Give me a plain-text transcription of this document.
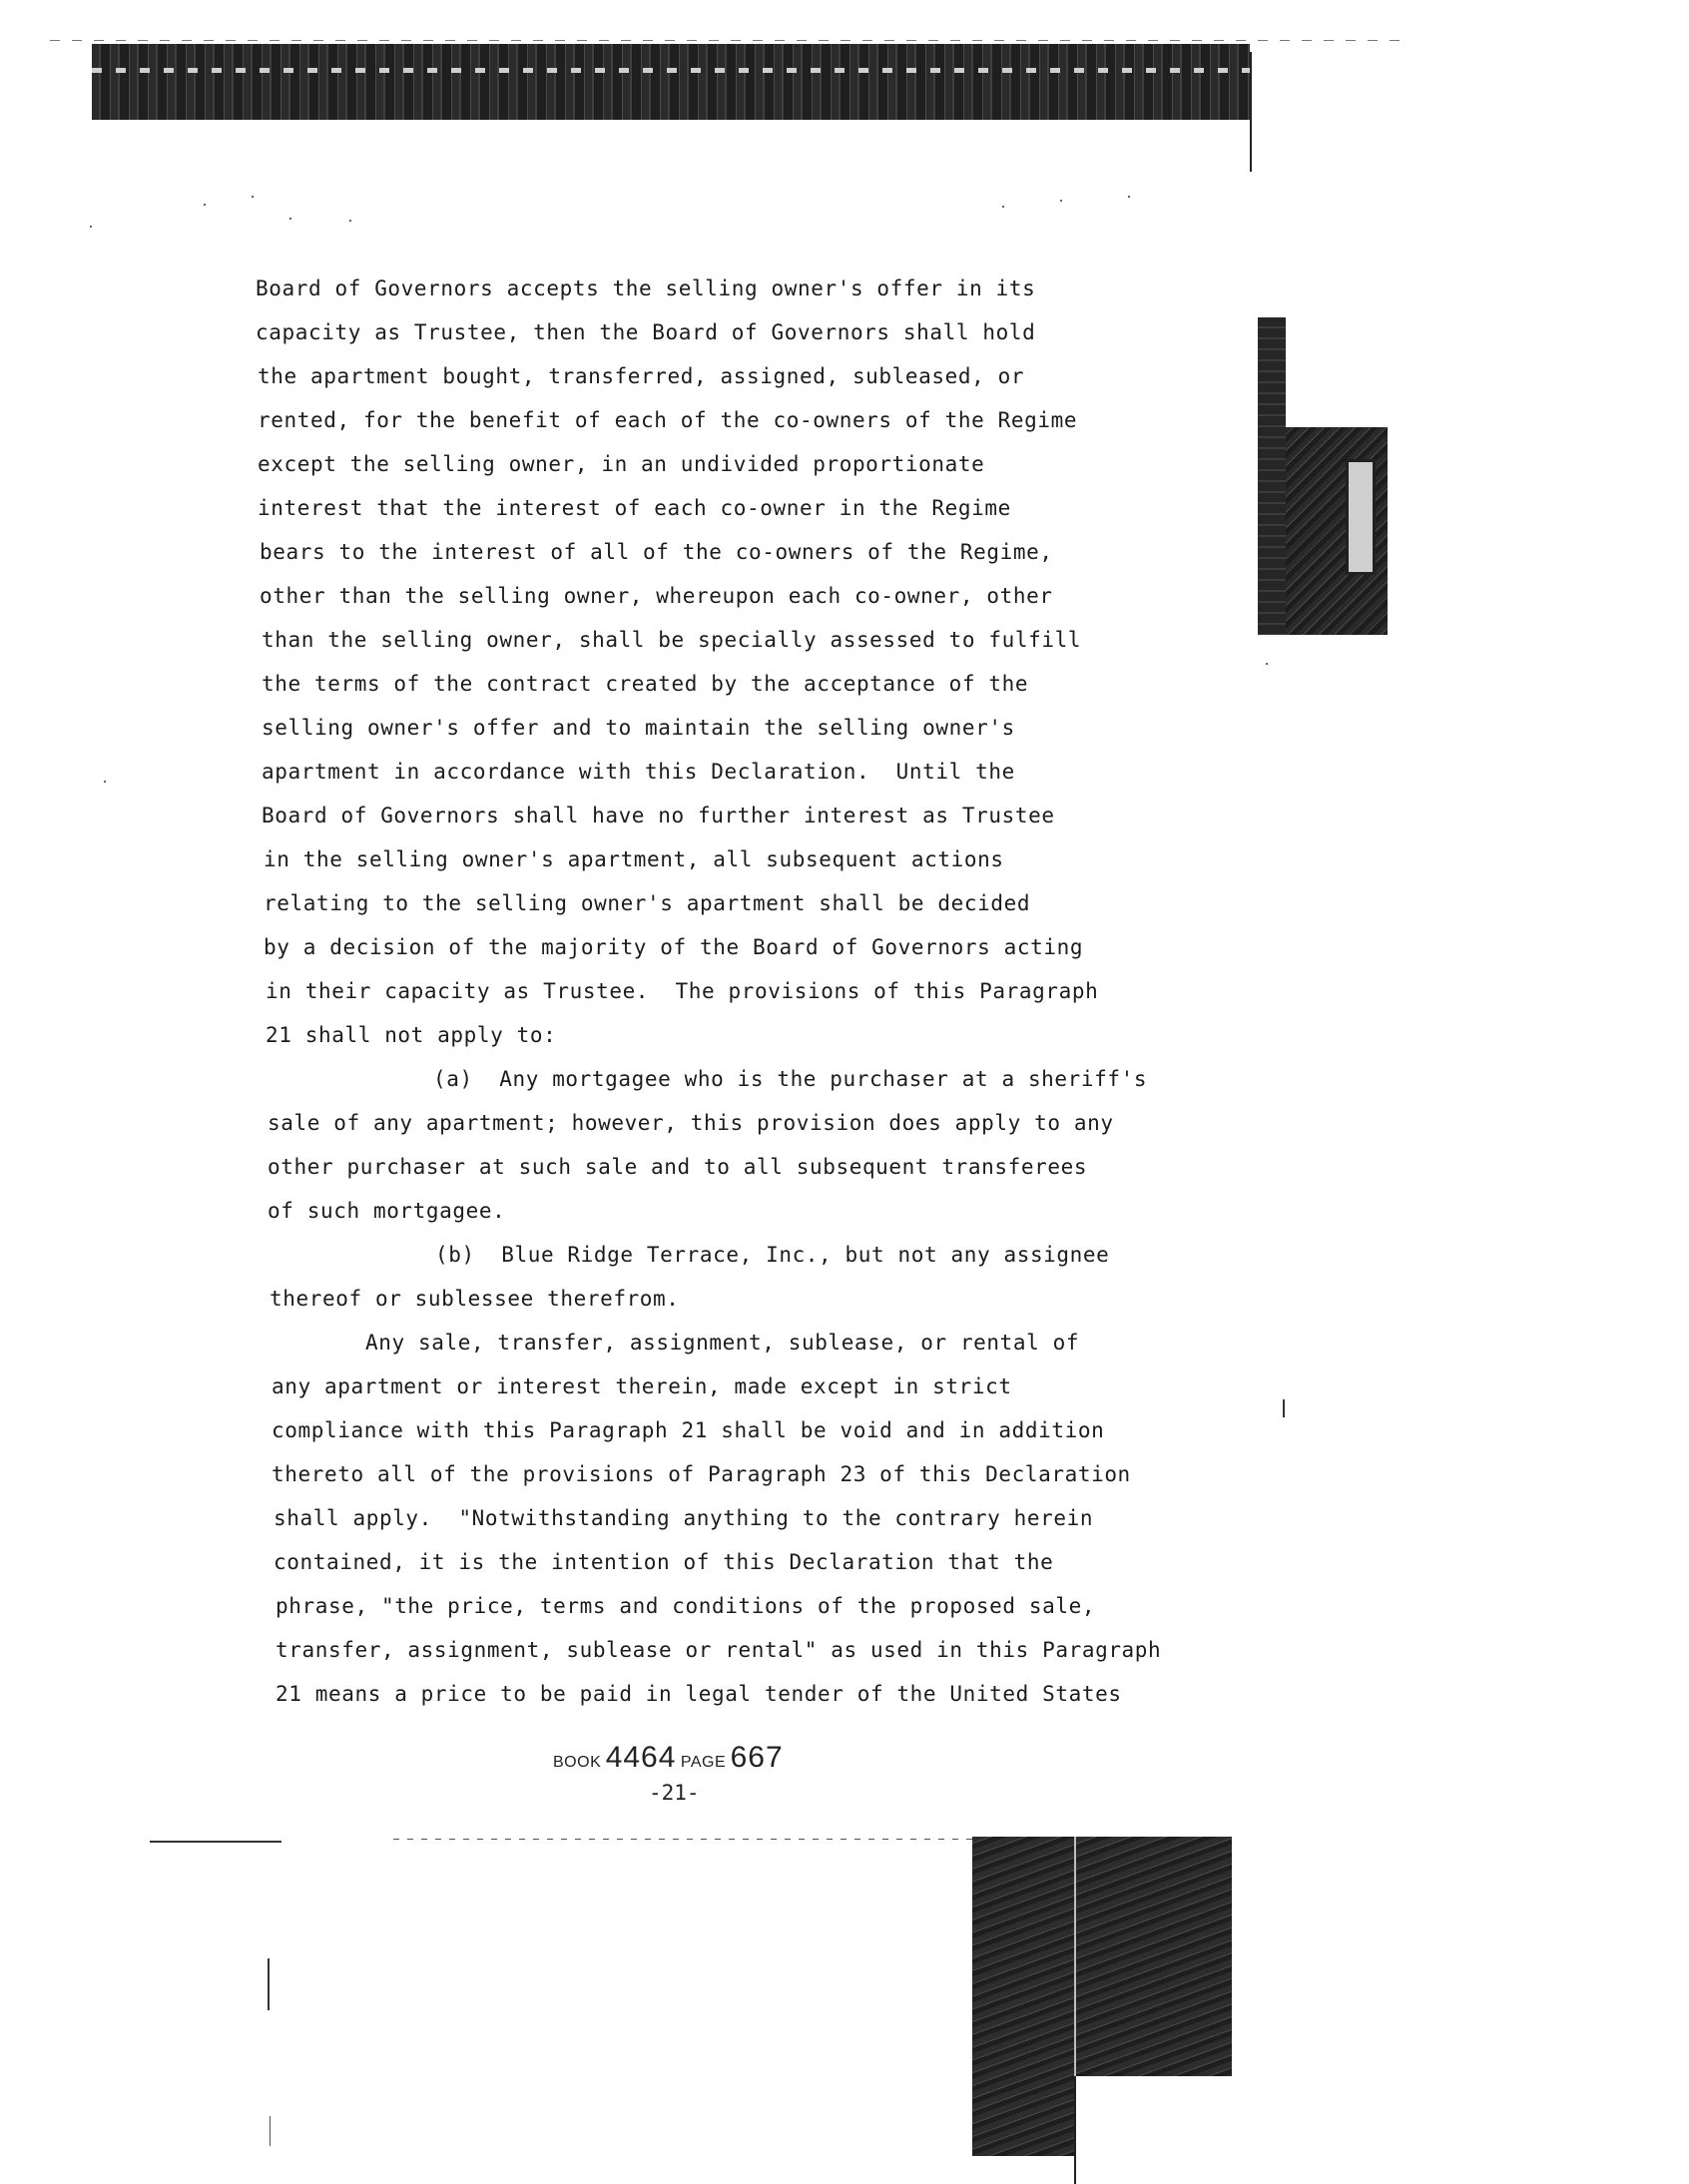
Board of Governors accepts the selling owner's offer in its
capacity as Trustee, then the Board of Governors shall hold
the apartment bought, transferred, assigned, subleased, or
rented, for the benefit of each of the co-owners of the Regime
except the selling owner, in an undivided proportionate
interest that the interest of each co-owner in the Regime
bears to the interest of all of the co-owners of the Regime,
other than the selling owner, whereupon each co-owner, other
than the selling owner, shall be specially assessed to fulfill
the terms of the contract created by the acceptance of the
selling owner's offer and to maintain the selling owner's
apartment in accordance with this Declaration.  Until the
Board of Governors shall have no further interest as Trustee
in the selling owner's apartment, all subsequent actions
relating to the selling owner's apartment shall be decided
by a decision of the majority of the Board of Governors acting
in their capacity as Trustee.  The provisions of this Paragraph
21 shall not apply to:
(a)  Any mortgagee who is the purchaser at a sheriff's
sale of any apartment; however, this provision does apply to any
other purchaser at such sale and to all subsequent transferees
of such mortgagee.
(b)  Blue Ridge Terrace, Inc., but not any assignee
thereof or sublessee therefrom.
Any sale, transfer, assignment, sublease, or rental of
any apartment or interest therein, made except in strict
compliance with this Paragraph 21 shall be void and in addition
thereto all of the provisions of Paragraph 23 of this Declaration
shall apply.  "Notwithstanding anything to the contrary herein
contained, it is the intention of this Declaration that the
phrase, "the price, terms and conditions of the proposed sale,
transfer, assignment, sublease or rental" as used in this Paragraph
21 means a price to be paid in legal tender of the United States
BOOK 4464 PAGE 667
-21-
